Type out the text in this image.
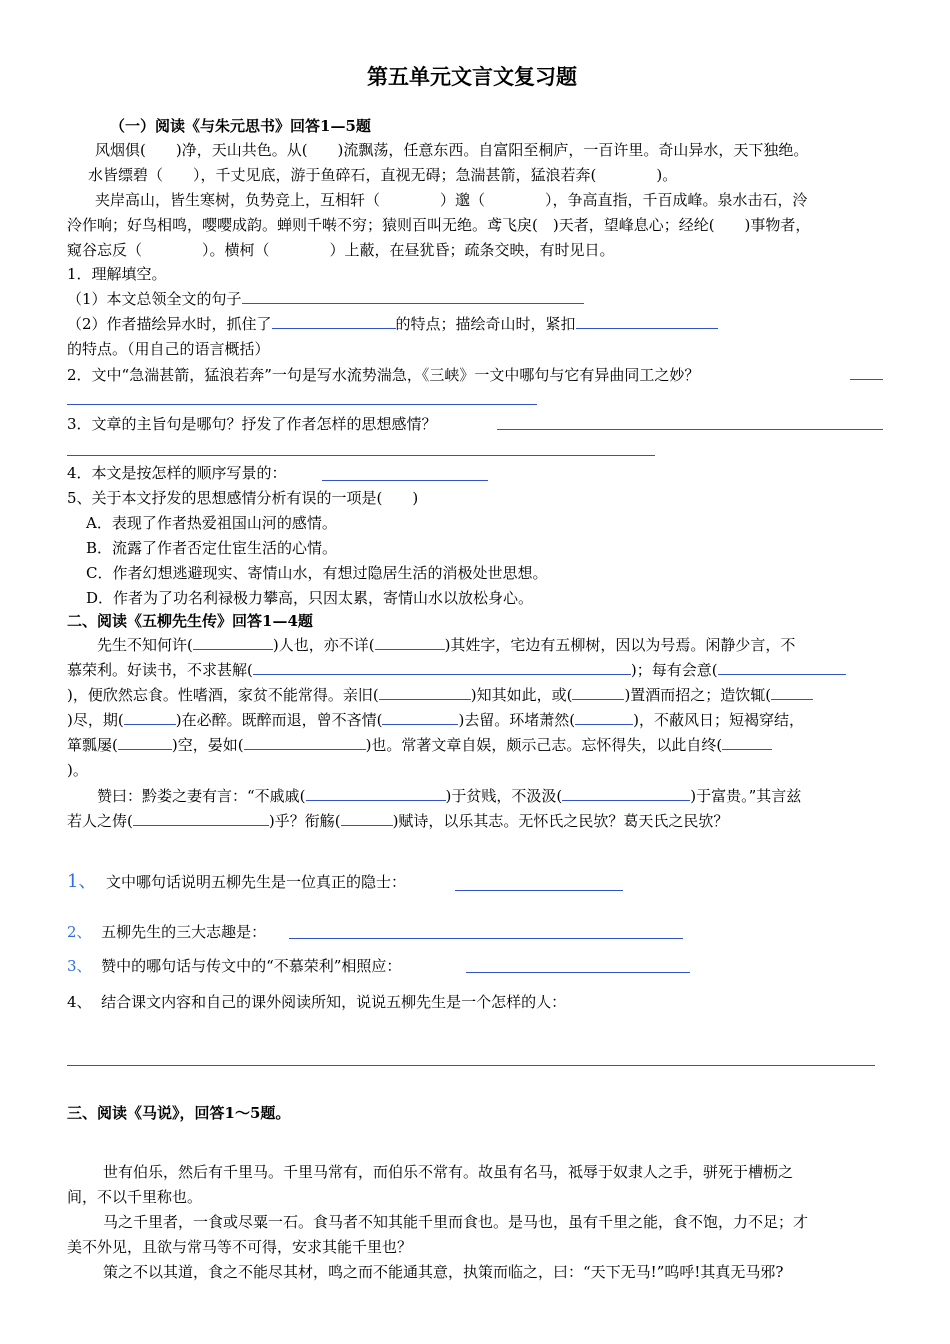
第五单元文言文复习题
（一）阅读《与朱元思书》回答1—5题
风烟俱(　　)净，天山共色。从(　　)流飘荡，任意东西。自富阳至桐庐，一百许里。奇山异水，天下独绝。
水皆缥碧（　　），千丈见底，游于鱼碎石，直视无碍；急湍甚箭，猛浪若奔(　　　　)。
夹岸高山，皆生寒树，负势竞上，互相轩（　　　　）邈（　　　　），争高直指，千百成峰。泉水击石，泠
泠作响；好鸟相鸣，嘤嘤成韵。蝉则千啭不穷；猿则百叫无绝。鸢飞戾(　)天者，望峰息心；经纶(　　)事物者，
窥谷忘反（　　　　）。横柯（　　　　）上蔽，在昼犹昏；疏条交映，有时见日。
1．理解填空。
（1）本文总领全文的句子
（2）作者描绘异水时，抓住了	的特点；描绘奇山时，紧扣
的特点。（用自己的语言概括）
2．文中“急湍甚箭，猛浪若奔”一句是写水流势湍急，《三峡》一文中哪句与它有异曲同工之妙？
3．文章的主旨句是哪句？抒发了作者怎样的思想感情？
4．本文是按怎样的顺序写景的：
5、关于本文抒发的思想感情分析有误的一项是(　　)
A．表现了作者热爱祖国山河的感情。
B．流露了作者否定仕宦生活的心情。
C．作者幻想逃避现实、寄情山水，有想过隐居生活的消极处世思想。
D．作者为了功名利禄极力攀高，只因太累，寄情山水以放松身心。
二、阅读《五柳先生传》回答1—4题
先生不知何许(	)人也，亦不详(	)其姓字，宅边有五柳树，因以为号焉。闲静少言，不
慕荣利。好读书，不求甚解(	)；每有会意(
)，便欣然忘食。性嗜酒，家贫不能常得。亲旧(	)知其如此，或(	)置酒而招之；造饮辄(
)尽，期(	)在必醉。既醉而退，曾不吝情(	)去留。环堵萧然(	)，不蔽风日；短褐穿结，
箪瓢屡(	)空，晏如(	)也。常著文章自娱，颇示己志。忘怀得失，以此自终(
)。
赞曰：黔娄之妻有言：“不戚戚(	)于贫贱，不汲汲(	)于富贵。”其言兹
若人之俦(	)乎？衔觞(	)赋诗，以乐其志。无怀氏之民欤？葛天氏之民欤？
1、 文中哪句话说明五柳先生是一位真正的隐士：
2、 五柳先生的三大志趣是：
3、 赞中的哪句话与传文中的“不慕荣利”相照应：
4、 结合课文内容和自己的课外阅读所知，说说五柳先生是一个怎样的人：
三、阅读《马说》，回答1～5题。
世有伯乐，然后有千里马。千里马常有，而伯乐不常有。故虽有名马，祗辱于奴隶人之手，骈死于槽枥之
间，不以千里称也。
马之千里者，一食或尽粟一石。食马者不知其能千里而食也。是马也，虽有千里之能，食不饱，力不足；才
美不外见，且欲与常马等不可得，安求其能千里也？
策之不以其道，食之不能尽其材，鸣之而不能通其意，执策而临之，曰：“天下无马!”呜呼!其真无马邪?
